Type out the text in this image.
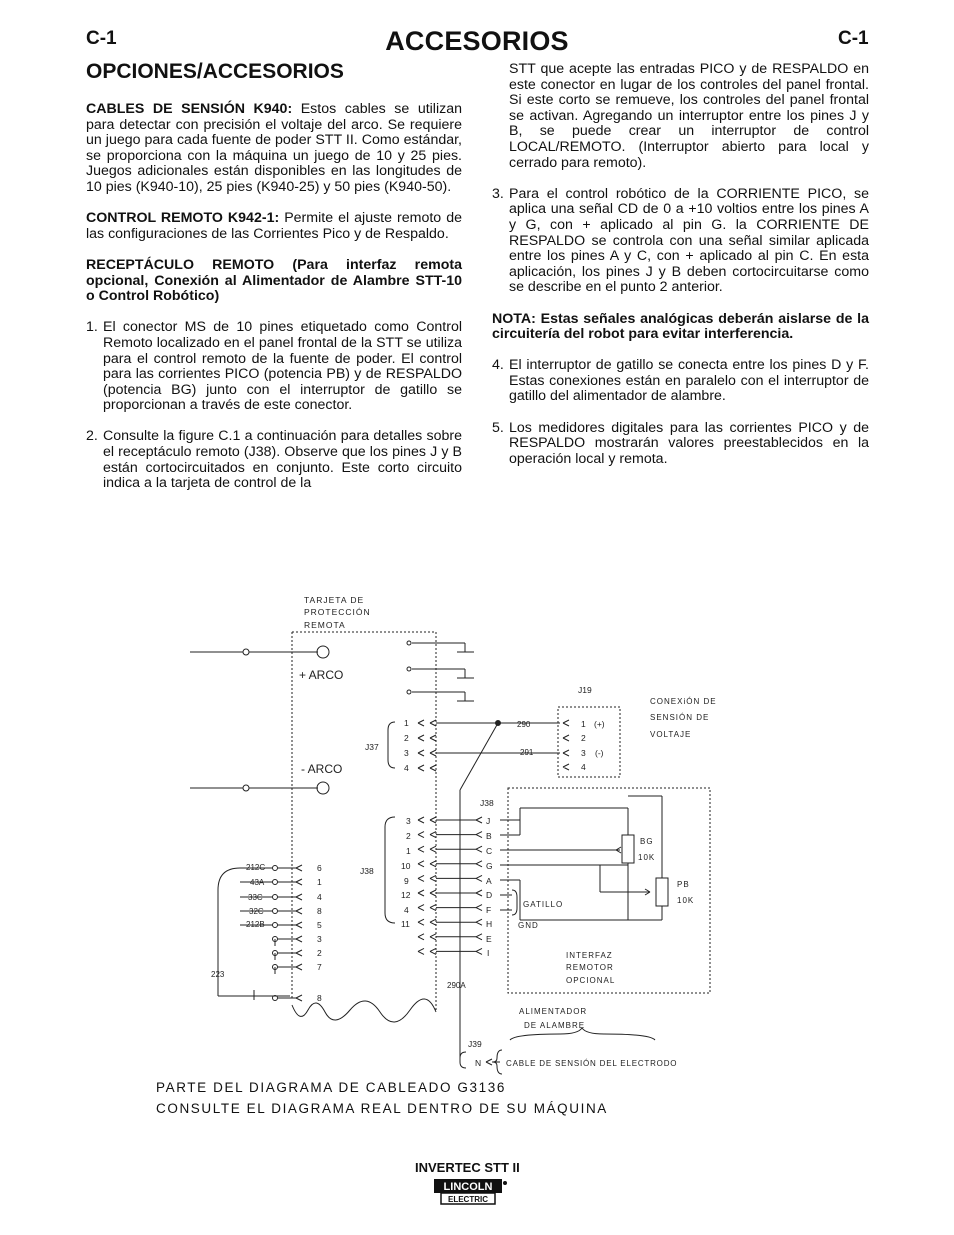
C-1	ACCESORIOS	C-1
OPCIONES/ACCESORIOS

CABLES DE SENSIÓN K940: Estos cables se utilizan para detectar con precisión el voltaje del arco. Se requiere un juego para cada fuente de poder STT II. Como estándar, se proporciona con la máquina un juego de 10 y 25 pies. Juegos adicionales están disponibles en las longitudes de 10 pies (K940-10), 25 pies (K940-25) y 50 pies (K940-50).

CONTROL REMOTO K942-1: Permite el ajuste remoto de las configuraciones de las Corrientes Pico y de Respaldo.

RECEPTÁCULO REMOTO (Para interfaz remota opcional, Conexión al Alimentador de Alambre STT-10 o Control Robótico)

1. El conector MS de 10 pines etiquetado como Control Remoto localizado en el panel frontal de la STT se utiliza para el control remoto de la fuente de poder. El control para las corrientes PICO (potencia PB) y de RESPALDO (potencia BG) junto con el interruptor de gatillo se proporcionan a través de este conector.
2. Consulte la figure C.1 a continuación para detalles sobre el receptáculo remoto (J38). Observe que los pines J y B están cortocircuitados en conjunto. Este corto circuito indica a la tarjeta de control de la
STT que acepte las entradas PICO y de RESPALDO en este conector en lugar de los controles del panel frontal. Si este corto se remueve, los controles del panel frontal se activan. Agregando un interruptor entre los pines J y B, se puede crear un interruptor de control LOCAL/REMOTO. (Interruptor abierto para local y cerrado para remoto).
3. Para el control robótico de la CORRIENTE PICO, se aplica una señal CD de 0 a +10 voltios entre los pines A y G, con + aplicado al pin G. la CORRIENTE DE RESPALDO se controla con una señal similar aplicada entre los pines A y C, con + aplicado al pin C. En esta aplicación, los pines J y B deben cortocircuitarse como se describe en el punto 2 anterior.

NOTA: Estas señales analógicas deberán aislarse de la circuitería del robot para evitar interferencia.

4. El interruptor de gatillo se conecta entre los pines D y F. Estas conexiones están en paralelo con el interruptor de gatillo del alimentador de alambre.
5. Los medidores digitales para las corrientes PICO y de RESPALDO mostrarán valores preestablecidos en la operación local y remota.
TARJETA DE
PROTECCIÓN
REMOTA
+ ARCO
- ARCO
J37
1
2
3
4
290
291
J19
1
2
3
4
(+)
(-)
CONEXiÓN DE
SENSIÓN DE
VOLTAJE
J38
J38
3
2
1
10
9
12
4
11
J
B
C
G
A
D
F
H
E
I
BG
10K
PB
10K
GATILLO
GND
INTERFAZ
REMOTOR
OPCIONAL
212C
43A
33C
32C
212B
223
6
1
4
8
5
3
2
7
8
290A
ALIMENTADOR
DE ALAMBRE
J39
N	CABLE DE SENSIÓN DEL ELECTRODO
PARTE DEL DIAGRAMA DE CABLEADO G3136
CONSULTE EL DIAGRAMA REAL DENTRO DE SU MÁQUINA
INVERTEC STT II
LINCOLN
ELECTRIC
